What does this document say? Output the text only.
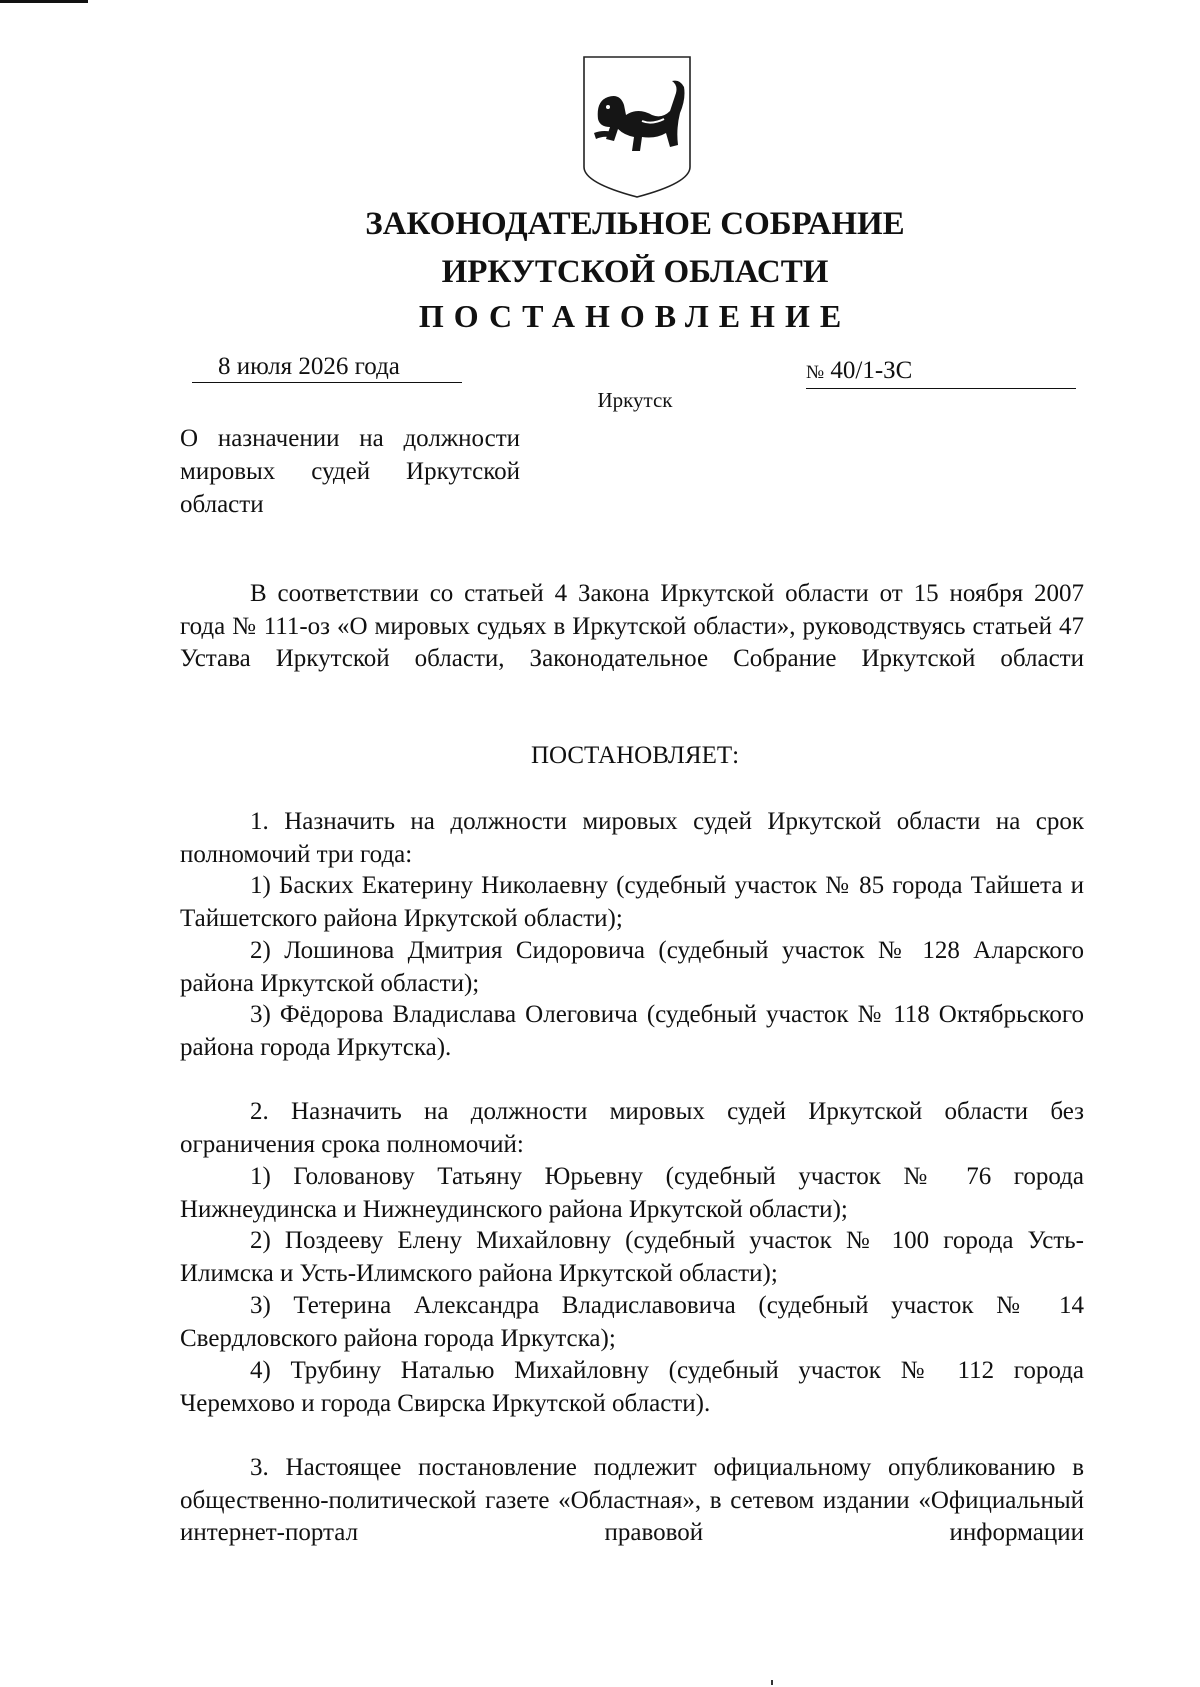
ЗАКОНОДАТЕЛЬНОЕ СОБРАНИЕ
ИРКУТСКОЙ ОБЛАСТИ
ПОСТАНОВЛЕНИЕ
8 июля 2026 года	№ 40/1-ЗС
Иркутск
О назначении на должности мировых судей Иркутской области
В соответствии со статьей 4 Закона Иркутской области от 15 ноября 2007 года № 111-оз «О мировых судьях в Иркутской области», руководствуясь статьей 47 Устава Иркутской области, Законодательное Собрание Иркутской области
ПОСТАНОВЛЯЕТ:
1. Назначить на должности мировых судей Иркутской области на срок полномочий три года:
1) Баских Екатерину Николаевну (судебный участок № 85 города Тайшета и Тайшетского района Иркутской области);
2) Лошинова Дмитрия Сидоровича (судебный участок № 128 Аларского района Иркутской области);
3) Фёдорова Владислава Олеговича (судебный участок № 118 Октябрьского района города Иркутска).
2. Назначить на должности мировых судей Иркутской области без ограничения срока полномочий:
1) Голованову Татьяну Юрьевну (судебный участок № 76 города Нижнеудинска и Нижнеудинского района Иркутской области);
2) Поздееву Елену Михайловну (судебный участок № 100 города Усть-Илимска и Усть-Илимского района Иркутской области);
3) Тетерина Александра Владиславовича (судебный участок № 14 Свердловского района города Иркутска);
4) Трубину Наталью Михайловну (судебный участок № 112 города Черемхово и города Свирска Иркутской области).
3. Настоящее постановление подлежит официальному опубликованию в общественно-политической газете «Областная», в сетевом издании «Официальный интернет-портал правовой информации
